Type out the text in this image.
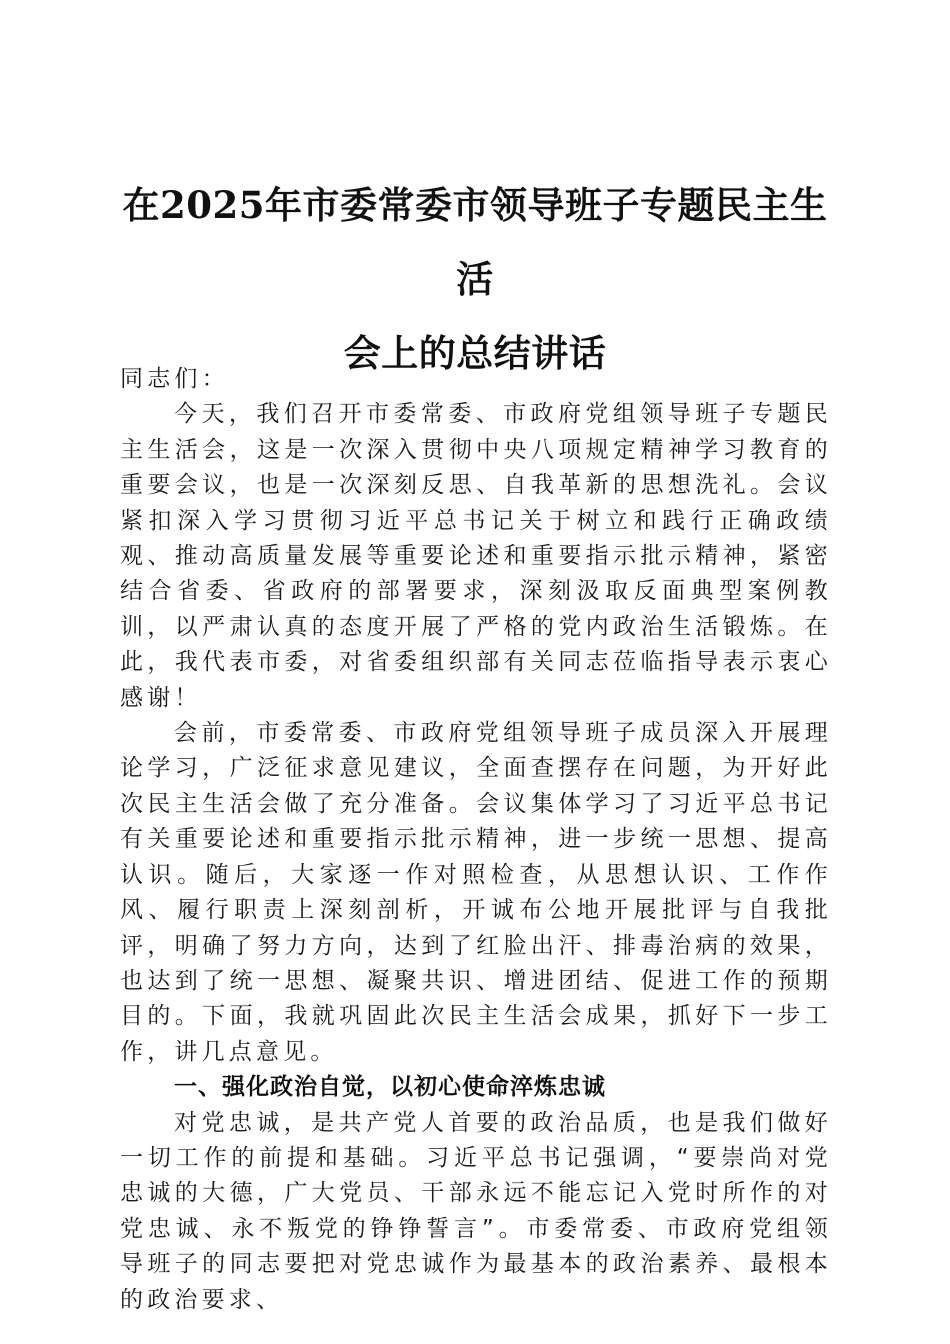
在2025年市委常委市领导班子专题民主生活
会上的总结讲话

同志们：

今天，我们召开市委常委、市政府党组领导班子专题民主生活会，这是一次深入贯彻中央八项规定精神学习教育的重要会议，也是一次深刻反思、自我革新的思想洗礼。会议紧扣深入学习贯彻习近平总书记关于树立和践行正确政绩观、推动高质量发展等重要论述和重要指示批示精神，紧密结合省委、省政府的部署要求，深刻汲取反面典型案例教训，以严肃认真的态度开展了严格的党内政治生活锻炼。在此，我代表市委，对省委组织部有关同志莅临指导表示衷心感谢！

会前，市委常委、市政府党组领导班子成员深入开展理论学习，广泛征求意见建议，全面查摆存在问题，为开好此次民主生活会做了充分准备。会议集体学习了习近平总书记有关重要论述和重要指示批示精神，进一步统一思想、提高认识。随后，大家逐一作对照检查，从思想认识、工作作风、履行职责上深刻剖析，开诚布公地开展批评与自我批评，明确了努力方向，达到了红脸出汗、排毒治病的效果，也达到了统一思想、凝聚共识、增进团结、促进工作的预期目的。下面，我就巩固此次民主生活会成果，抓好下一步工作，讲几点意见。

一、强化政治自觉，以初心使命淬炼忠诚

对党忠诚，是共产党人首要的政治品质，也是我们做好一切工作的前提和基础。习近平总书记强调，“要崇尚对党忠诚的大德，广大党员、干部永远不能忘记入党时所作的对党忠诚、永不叛党的铮铮誓言”。市委常委、市政府党组领导班子的同志要把对党忠诚作为最基本的政治素养、最根本的政治要求、
